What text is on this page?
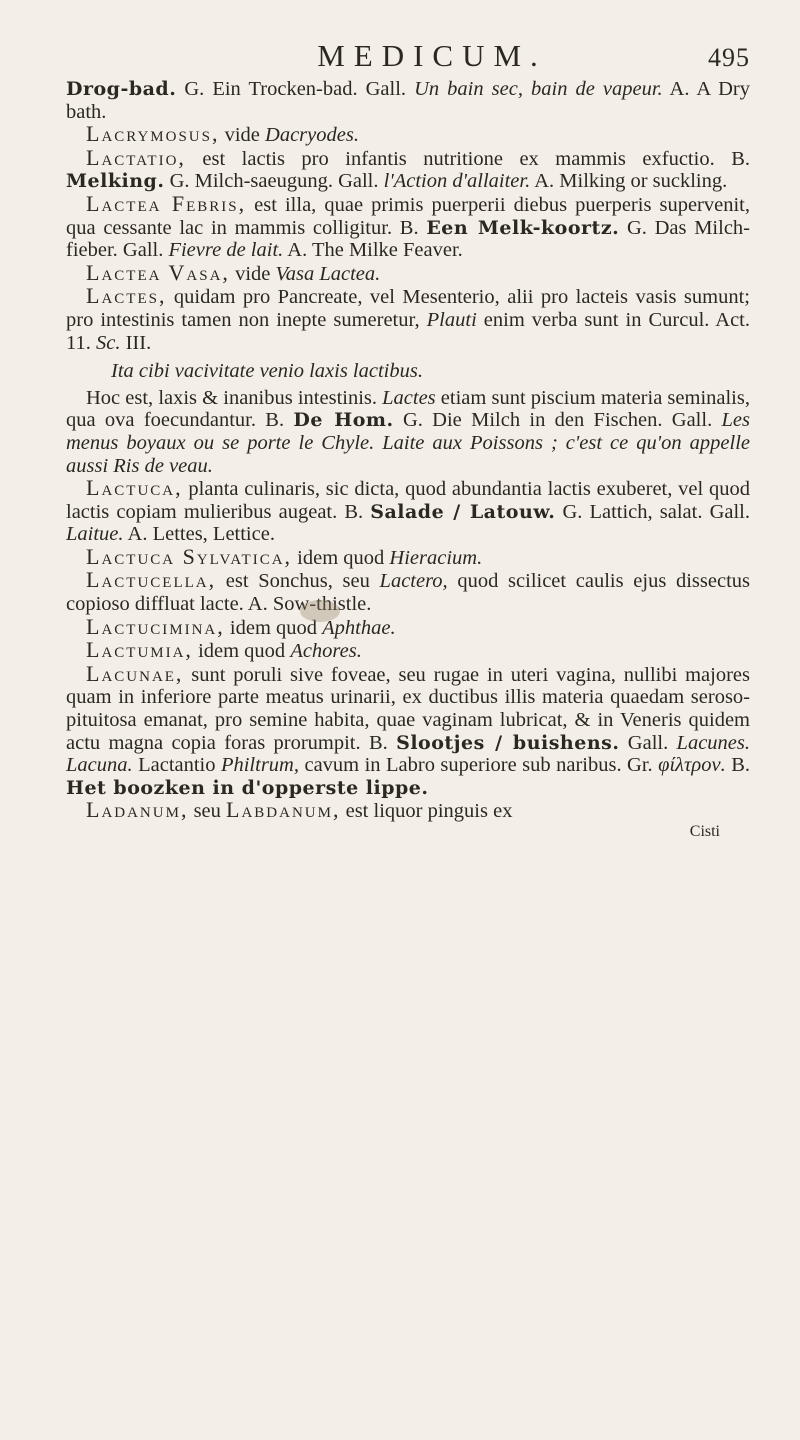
MEDICUM.	495

Drog-bad. G. Ein Trocken-bad. Gall. Un bain sec, bain de vapeur. A. A Dry bath.

Lacrymosus, vide Dacryodes.

Lactatio, est lactis pro infantis nutritione ex mammis exfuctio. B. Melking. G. Milch-saeugung. Gall. l'Action d'allaiter. A. Milking or suckling.

Lactea Febris, est illa, quae primis puerperii diebus puerperis supervenit, qua cessante lac in mammis colligitur. B. Een Melk-koortz. G. Das Milch-fieber. Gall. Fievre de lait. A. The Milke Feaver.

Lactea Vasa, vide Vasa Lactea.

Lactes, quidam pro Pancreate, vel Mesenterio, alii pro lacteis vasis sumunt; pro intestinis tamen non inepte sumeretur, Plauti enim verba sunt in Curcul. Act. 11. Sc. III.

Ita cibi vacivitate venio laxis lactibus.

Hoc est, laxis & inanibus intestinis. Lactes etiam sunt piscium materia seminalis, qua ova foecundantur. B. De Hom. G. Die Milch in den Fischen. Gall. Les menus boyaux ou se porte le Chyle. Laite aux Poissons ; c'est ce qu'on appelle aussi Ris de veau.

Lactuca, planta culinaris, sic dicta, quod abundantia lactis exuberet, vel quod lactis copiam mulieribus augeat. B. Salade / Latouw. G. Lattich, salat. Gall. Laitue. A. Lettes, Lettice.

Lactuca Sylvatica, idem quod Hieracium.

Lactucella, est Sonchus, seu Lactero, quod scilicet caulis ejus dissectus copioso diffluat lacte. A. Sow-thistle.

Lactucimina, idem quod Aphthae.

Lactumia, idem quod Achores.

Lacunae, sunt poruli sive foveae, seu rugae in uteri vagina, nullibi majores quam in inferiore parte meatus urinarii, ex ductibus illis materia quaedam seroso-pituitosa emanat, pro semine habita, quae vaginam lubricat, & in Veneris quidem actu magna copia foras prorumpit. B. Slootjes / buishens. Gall. Lacunes. Lacuna. Lactantio Philtrum, cavum in Labro superiore sub naribus. Gr. φίλτρον. B. Het boozken in d'opperste lippe.

Ladanum, seu Labdanum, est liquor pinguis ex

Cisti
